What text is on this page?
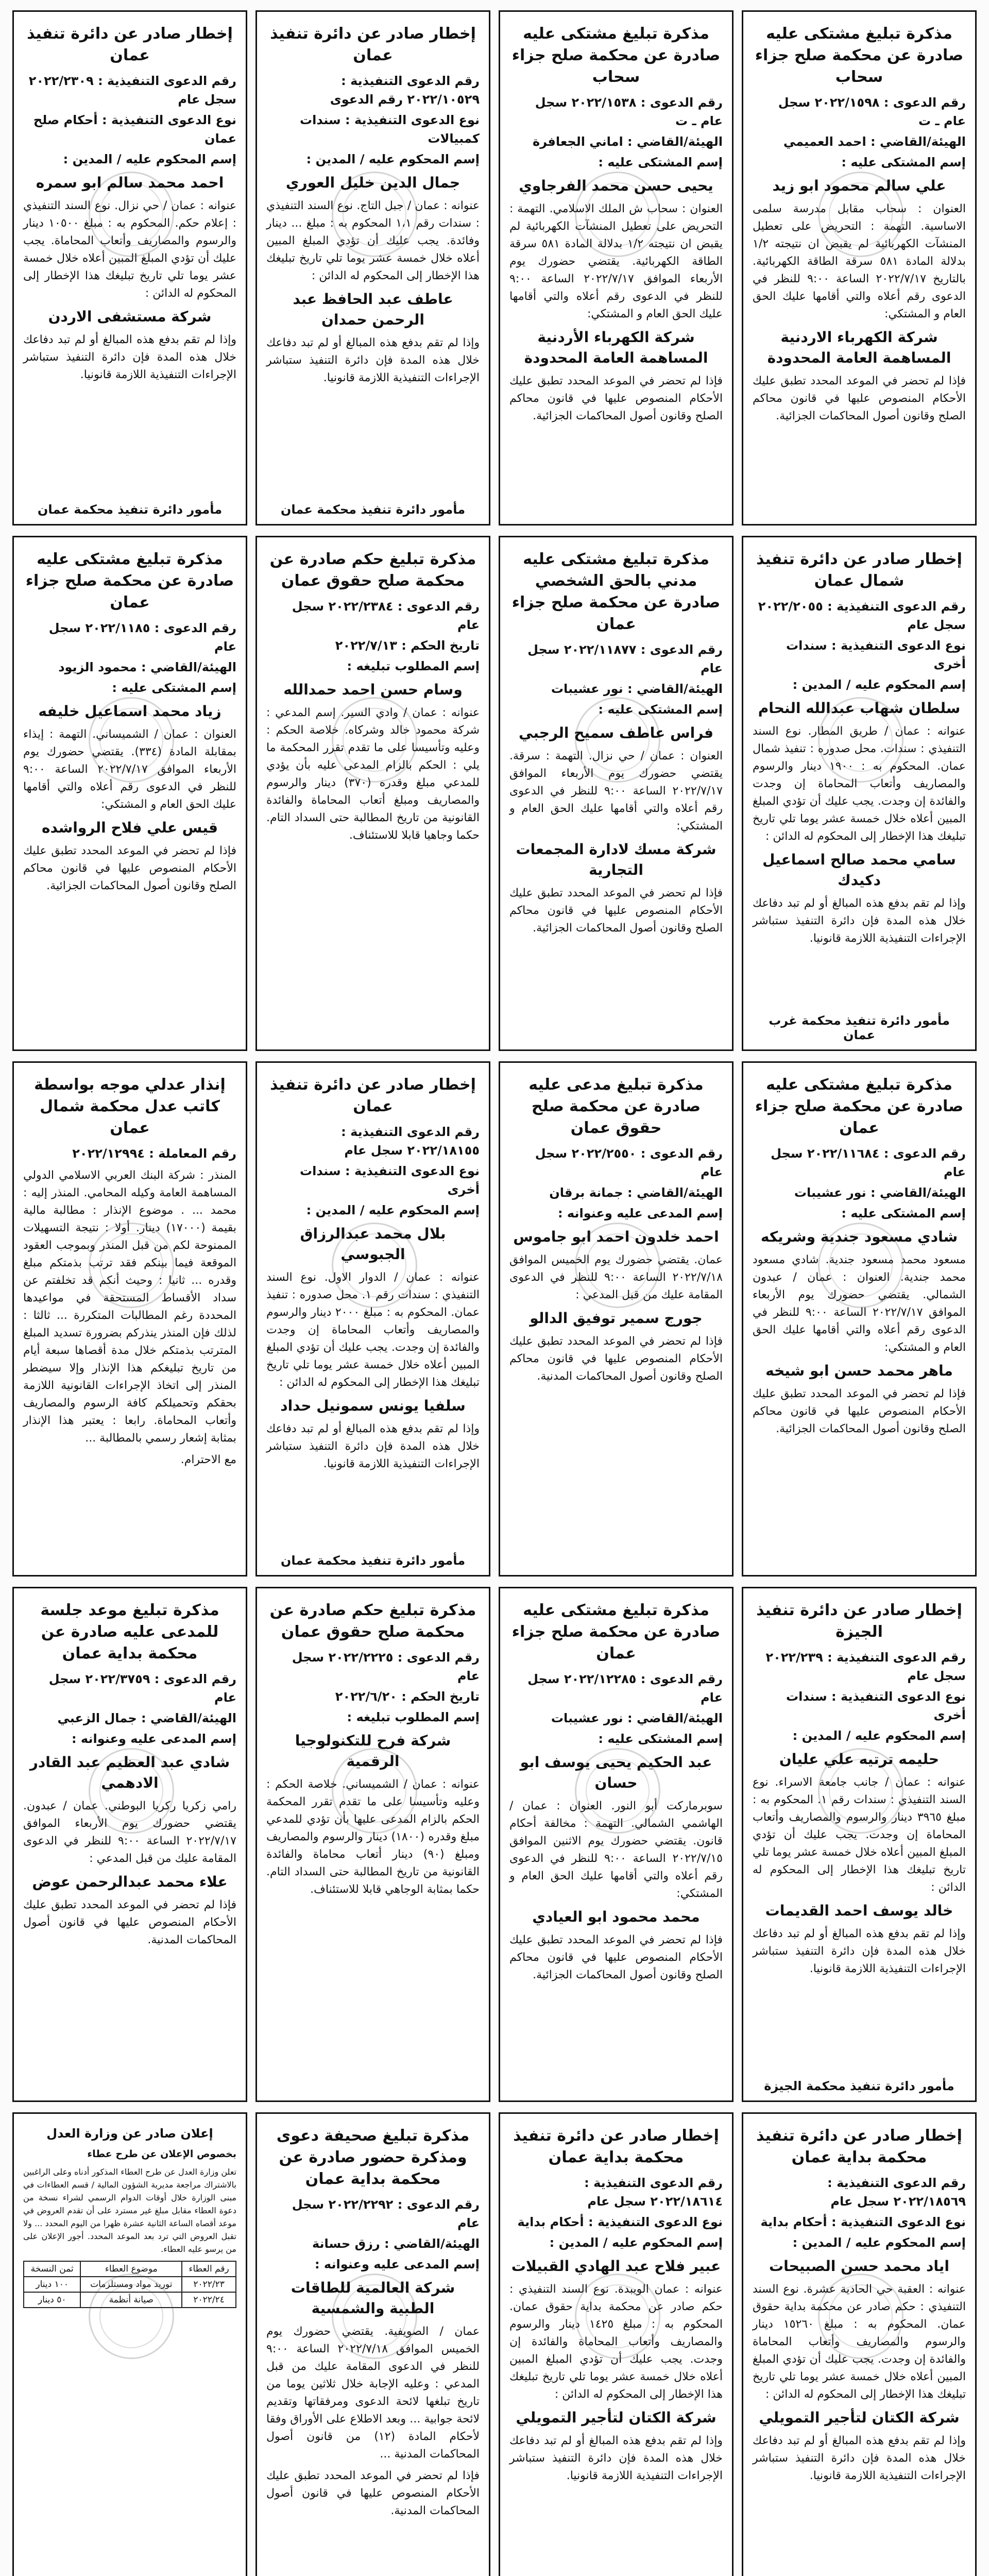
مذكرة تبليغ مشتكى عليه صادرة عن محكمة صلح جزاء سحاب
رقم الدعوى : ٢٠٢٢/١٥٩٨ سجل عام ـ ت
الهيئة/القاضي : احمد العميمي
إسم المشتكى عليه :
علي سالم محمود ابو زيد
العنوان : سحاب مقابل مدرسة سلمى الاساسية. التهمة : التحريض على تعطيل المنشآت الكهربائية لم يقبض ان نتيجته ١/٢ بدلالة المادة ٥٨١ سرقة الطاقة الكهربائية. بالتاريخ ٢٠٢٢/٧/١٧ الساعة ٩:٠٠ للنظر في الدعوى رقم أعلاه والتي أقامها عليك الحق العام و المشتكي:
شركة الكهرباء الاردنية المساهمة العامة المحدودة
فإذا لم تحضر في الموعد المحدد تطبق عليك الأحكام المنصوص عليها في قانون محاكم الصلح وقانون أصول المحاكمات الجزائية.
مذكرة تبليغ مشتكى عليه صادرة عن محكمة صلح جزاء سحاب
رقم الدعوى : ٢٠٢٢/١٥٣٨ سجل عام ـ ت
الهيئة/القاضي : اماني الجعافرة
إسم المشتكى عليه :
يحيى حسن محمد الفرجاوي
العنوان : سحاب ش الملك الاسلامي. التهمة : التحريض على تعطيل المنشآت الكهربائية لم يقبض ان نتيجته ١/٢ بدلالة المادة ٥٨١ سرقة الطاقة الكهربائية. يقتضي حضورك يوم الأربعاء الموافق ٢٠٢٢/٧/١٧ الساعة ٩:٠٠ للنظر في الدعوى رقم أعلاه والتي أقامها عليك الحق العام و المشتكي:
شركة الكهرباء الأردنية المساهمة العامة المحدودة
فإذا لم تحضر في الموعد المحدد تطبق عليك الأحكام المنصوص عليها في قانون محاكم الصلح وقانون أصول المحاكمات الجزائية.
إخطار صادر عن دائرة تنفيذ عمان
رقم الدعوى التنفيذية : ٢٠٢٢/١٠٥٢٩ رقم الدعوى
نوع الدعوى التنفيذية : سندات كمبيالات
إسم المحكوم عليه / المدين :
جمال الدين خليل العوري
عنوانه : عمان / جبل التاج. نوع السند التنفيذي : سندات رقم ١،١ المحكوم به : مبلغ ... دينار وفائدة. يجب عليك أن تؤدي المبلغ المبين أعلاه خلال خمسة عشر يوما تلي تاريخ تبليغك هذا الإخطار إلى المحكوم له الدائن :
عاطف عبد الحافظ عبد الرحمن حمدان
وإذا لم تقم بدفع هذه المبالغ أو لم تبد دفاعك خلال هذه المدة فإن دائرة التنفيذ ستباشر الإجراءات التنفيذية اللازمة قانونيا.
مأمور دائرة تنفيذ محكمة عمان
إخطار صادر عن دائرة تنفيذ عمان
رقم الدعوى التنفيذية : ٢٠٢٢/٢٣٠٩ سجل عام
نوع الدعوى التنفيذية : أحكام صلح عمان
إسم المحكوم عليه / المدين :
احمد محمد سالم ابو سمره
عنوانه : عمان / حي نزال. نوع السند التنفيذي : إعلام حكم. المحكوم به : مبلغ ١٠٥٠٠ دينار والرسوم والمصاريف وأتعاب المحاماة. يجب عليك أن تؤدي المبلغ المبين أعلاه خلال خمسة عشر يوما تلي تاريخ تبليغك هذا الإخطار إلى المحكوم له الدائن :
شركة مستشفى الاردن
وإذا لم تقم بدفع هذه المبالغ أو لم تبد دفاعك خلال هذه المدة فإن دائرة التنفيذ ستباشر الإجراءات التنفيذية اللازمة قانونيا.
مأمور دائرة تنفيذ محكمة عمان
إخطار صادر عن دائرة تنفيذ شمال عمان
رقم الدعوى التنفيذية : ٢٠٢٢/٢٠٥٥ سجل عام
نوع الدعوى التنفيذية : سندات أخرى
إسم المحكوم عليه / المدين :
سلطان شهاب عبدالله النحام
عنوانه : عمان / طريق المطار. نوع السند التنفيذي : سندات. محل صدوره : تنفيذ شمال عمان. المحكوم به : ١٩٠٠ دينار والرسوم والمصاريف وأتعاب المحاماة إن وجدت والفائدة إن وجدت. يجب عليك أن تؤدي المبلغ المبين أعلاه خلال خمسة عشر يوما تلي تاريخ تبليغك هذا الإخطار إلى المحكوم له الدائن :
سامي محمد صالح اسماعيل دكيدك
وإذا لم تقم بدفع هذه المبالغ أو لم تبد دفاعك خلال هذه المدة فإن دائرة التنفيذ ستباشر الإجراءات التنفيذية اللازمة قانونيا.
مأمور دائرة تنفيذ محكمة غرب عمان
مذكرة تبليغ مشتكى عليه مدني بالحق الشخصي صادرة عن محكمة صلح جزاء عمان
رقم الدعوى : ٢٠٢٢/١١٨٧٧ سجل عام
الهيئة/القاضي : نور عشيبات
إسم المشتكى عليه :
فراس عاطف سميح الرجبي
العنوان : عمان / حي نزال. التهمة : سرقة. يقتضي حضورك يوم الأربعاء الموافق ٢٠٢٢/٧/١٧ الساعة ٩:٠٠ للنظر في الدعوى رقم أعلاه والتي أقامها عليك الحق العام و المشتكي:
شركة مسك لادارة المجمعات التجارية
فإذا لم تحضر في الموعد المحدد تطبق عليك الأحكام المنصوص عليها في قانون محاكم الصلح وقانون أصول المحاكمات الجزائية.
مذكرة تبليغ حكم صادرة عن محكمة صلح حقوق عمان
رقم الدعوى : ٢٠٢٢/٢٣٨٤ سجل عام
تاريخ الحكم : ٢٠٢٢/٧/١٣
إسم المطلوب تبليغه :
وسام حسن احمد حمدالله
عنوانه : عمان / وادي السير. إسم المدعي : شركة محمود خالد وشركاه. خلاصة الحكم : وعليه وتأسيسا على ما تقدم تقرر المحكمة ما يلي : الحكم بالزام المدعى عليه بأن يؤدي للمدعي مبلغ وقدره (٣٧٠) دينار والرسوم والمصاريف ومبلغ أتعاب المحاماة والفائدة القانونية من تاريخ المطالبة حتى السداد التام. حكما وجاهيا قابلا للاستئناف.
مذكرة تبليغ مشتكى عليه صادرة عن محكمة صلح جزاء عمان
رقم الدعوى : ٢٠٢٢/١١٨٥ سجل عام
الهيئة/القاضي : محمود الزيود
إسم المشتكى عليه :
زياد محمد اسماعيل خليفه
العنوان : عمان / الشميساني. التهمة : إيذاء بمقابلة المادة (٣٣٤). يقتضي حضورك يوم الأربعاء الموافق ٢٠٢٢/٧/١٧ الساعة ٩:٠٠ للنظر في الدعوى رقم أعلاه والتي أقامها عليك الحق العام و المشتكي:
قيس علي فلاح الرواشده
فإذا لم تحضر في الموعد المحدد تطبق عليك الأحكام المنصوص عليها في قانون محاكم الصلح وقانون أصول المحاكمات الجزائية.
مذكرة تبليغ مشتكى عليه صادرة عن محكمة صلح جزاء عمان
رقم الدعوى : ٢٠٢٢/١١٦٨٤ سجل عام
الهيئة/القاضي : نور عشيبات
إسم المشتكى عليه :
شادي مسعود جندية وشريكه
مسعود محمد مسعود جندية. شادي مسعود محمد جندية. العنوان : عمان / عبدون الشمالي. يقتضي حضورك يوم الأربعاء الموافق ٢٠٢٢/٧/١٧ الساعة ٩:٠٠ للنظر في الدعوى رقم أعلاه والتي أقامها عليك الحق العام و المشتكي:
ماهر محمد حسن ابو شيخه
فإذا لم تحضر في الموعد المحدد تطبق عليك الأحكام المنصوص عليها في قانون محاكم الصلح وقانون أصول المحاكمات الجزائية.
مذكرة تبليغ مدعى عليه صادرة عن محكمة صلح حقوق عمان
رقم الدعوى : ٢٠٢٢/٢٥٥٠ سجل عام
الهيئة/القاضي : جمانة برقان
إسم المدعى عليه وعنوانه :
احمد خلدون احمد ابو جاموس
عمان. يقتضي حضورك يوم الخميس الموافق ٢٠٢٢/٧/١٨ الساعة ٩:٠٠ للنظر في الدعوى المقامة عليك من قبل المدعي :
جورج سمير توفيق الدالو
فإذا لم تحضر في الموعد المحدد تطبق عليك الأحكام المنصوص عليها في قانون محاكم الصلح وقانون أصول المحاكمات المدنية.
إخطار صادر عن دائرة تنفيذ عمان
رقم الدعوى التنفيذية : ٢٠٢٢/١٨١٥٥ سجل عام
نوع الدعوى التنفيذية : سندات أخرى
إسم المحكوم عليه / المدين :
بلال محمد عبدالرزاق الجبوسي
عنوانه : عمان / الدوار الاول. نوع السند التنفيذي : سندات رقم ١. محل صدوره : تنفيذ عمان. المحكوم به : مبلغ ٢٠٠٠ دينار والرسوم والمصاريف وأتعاب المحاماة إن وجدت والفائدة إن وجدت. يجب عليك أن تؤدي المبلغ المبين أعلاه خلال خمسة عشر يوما تلي تاريخ تبليغك هذا الإخطار إلى المحكوم له الدائن :
سلفيا يونس سمونيل حداد
وإذا لم تقم بدفع هذه المبالغ أو لم تبد دفاعك خلال هذه المدة فإن دائرة التنفيذ ستباشر الإجراءات التنفيذية اللازمة قانونيا.
مأمور دائرة تنفيذ محكمة عمان
إنذار عدلي موجه بواسطة كاتب عدل محكمة شمال عمان
رقم المعاملة : ٢٠٢٢/١٢٩٩٤
المنذر : شركة البنك العربي الاسلامي الدولي المساهمة العامة وكيله المحامي. المنذر إليه : محمد ... . موضوع الإنذار : مطالبة مالية بقيمة (١٧٠٠٠) دينار. أولا : نتيجة التسهيلات الممنوحة لكم من قبل المنذر وبموجب العقود الموقعة فيما بينكم فقد ترتب بذمتكم مبلغ وقدره ... ثانيا : وحيث أنكم قد تخلفتم عن سداد الأقساط المستحقة في مواعيدها المحددة رغم المطالبات المتكررة ... ثالثا : لذلك فإن المنذر ينذركم بضرورة تسديد المبلغ المترتب بذمتكم خلال مدة أقصاها سبعة أيام من تاريخ تبليغكم هذا الإنذار وإلا سيضطر المنذر إلى اتخاذ الإجراءات القانونية اللازمة بحقكم وتحميلكم كافة الرسوم والمصاريف وأتعاب المحاماة. رابعا : يعتبر هذا الإنذار بمثابة إشعار رسمي بالمطالبة ...
مع الاحترام.
إخطار صادر عن دائرة تنفيذ الجيزة
رقم الدعوى التنفيذية : ٢٠٢٢/٢٣٩ سجل عام
نوع الدعوى التنفيذية : سندات أخرى
إسم المحكوم عليه / المدين :
حليمه ترتيه علي عليان
عنوانه : عمان / جانب جامعة الاسراء. نوع السند التنفيذي : سندات رقم ١. المحكوم به : مبلغ ٣٩٦٥ دينار والرسوم والمصاريف وأتعاب المحاماة إن وجدت. يجب عليك أن تؤدي المبلغ المبين أعلاه خلال خمسة عشر يوما تلي تاريخ تبليغك هذا الإخطار إلى المحكوم له الدائن :
خالد يوسف احمد القديمات
وإذا لم تقم بدفع هذه المبالغ أو لم تبد دفاعك خلال هذه المدة فإن دائرة التنفيذ ستباشر الإجراءات التنفيذية اللازمة قانونيا.
مأمور دائرة تنفيذ محكمة الجيزة
مذكرة تبليغ مشتكى عليه صادرة عن محكمة صلح جزاء عمان
رقم الدعوى : ٢٠٢٢/١٢٢٨٥ سجل عام
الهيئة/القاضي : نور عشيبات
إسم المشتكى عليه :
عبد الحكيم يحيى يوسف ابو حسان
سوبرماركت أبو النور. العنوان : عمان / الهاشمي الشمالي. التهمة : مخالفة أحكام قانون. يقتضي حضورك يوم الاثنين الموافق ٢٠٢٢/٧/١٥ الساعة ٩:٠٠ للنظر في الدعوى رقم أعلاه والتي أقامها عليك الحق العام و المشتكي:
محمد محمود ابو العيادي
فإذا لم تحضر في الموعد المحدد تطبق عليك الأحكام المنصوص عليها في قانون محاكم الصلح وقانون أصول المحاكمات الجزائية.
مذكرة تبليغ حكم صادرة عن محكمة صلح حقوق عمان
رقم الدعوى : ٢٠٢٢/٢٢٢٥ سجل عام
تاريخ الحكم : ٢٠٢٢/٦/٢٠
إسم المطلوب تبليغه :
شركة فرح للتكنولوجيا الرقمية
عنوانه : عمان / الشميساني. خلاصة الحكم : وعليه وتأسيسا على ما تقدم تقرر المحكمة الحكم بالزام المدعى عليها بأن تؤدي للمدعي مبلغ وقدره (١٨٠٠) دينار والرسوم والمصاريف ومبلغ (٩٠) دينار أتعاب محاماة والفائدة القانونية من تاريخ المطالبة حتى السداد التام. حكما بمثابة الوجاهي قابلا للاستئناف.
مذكرة تبليغ موعد جلسة للمدعى عليه صادرة عن محكمة بداية عمان
رقم الدعوى : ٢٠٢٢/٣٧٥٩ سجل عام
الهيئة/القاضي : جمال الزعبي
إسم المدعى عليه وعنوانه :
شادي عبد العظيم عبد القادر الادهمي
رامي زكريا ركريا البوطني. عمان / عبدون. يقتضي حضورك يوم الأربعاء الموافق ٢٠٢٢/٧/١٧ الساعة ٩:٠٠ للنظر في الدعوى المقامة عليك من قبل المدعي :
علاء محمد عبدالرحمن عوض
فإذا لم تحضر في الموعد المحدد تطبق عليك الأحكام المنصوص عليها في قانون أصول المحاكمات المدنية.
إخطار صادر عن دائرة تنفيذ محكمة بداية عمان
رقم الدعوى التنفيذية : ٢٠٢٢/١٨٥٦٩ سجل عام
نوع الدعوى التنفيذية : أحكام بداية
إسم المحكوم عليه / المدين :
اياد محمد حسن الصبيحات
عنوانه : العقبة حي الحادية عشرة. نوع السند التنفيذي : حكم صادر عن محكمة بداية حقوق عمان. المحكوم به : مبلغ ١٥٢٦٠ دينار والرسوم والمصاريف وأتعاب المحاماة والفائدة إن وجدت. يجب عليك أن تؤدي المبلغ المبين أعلاه خلال خمسة عشر يوما تلي تاريخ تبليغك هذا الإخطار إلى المحكوم له الدائن :
شركة الكتان لتأجير التمويلي
وإذا لم تقم بدفع هذه المبالغ أو لم تبد دفاعك خلال هذه المدة فإن دائرة التنفيذ ستباشر الإجراءات التنفيذية اللازمة قانونيا.
إخطار صادر عن دائرة تنفيذ محكمة بداية عمان
رقم الدعوى التنفيذية : ٢٠٢٢/١٨٦١٤ سجل عام
نوع الدعوى التنفيذية : أحكام بداية
إسم المحكوم عليه / المدين :
عبير فلاح عبد الهادي القبيلات
عنوانه : عمان الويبدة. نوع السند التنفيذي : حكم صادر عن محكمة بداية حقوق عمان. المحكوم به : مبلغ ١٤٢٥ دينار والرسوم والمصاريف وأتعاب المحاماة والفائدة إن وجدت. يجب عليك أن تؤدي المبلغ المبين أعلاه خلال خمسة عشر يوما تلي تاريخ تبليغك هذا الإخطار إلى المحكوم له الدائن :
شركة الكتان لتأجير التمويلي
وإذا لم تقم بدفع هذه المبالغ أو لم تبد دفاعك خلال هذه المدة فإن دائرة التنفيذ ستباشر الإجراءات التنفيذية اللازمة قانونيا.
مذكرة تبليغ صحيفة دعوى ومذكرة حضور صادرة عن محكمة بداية عمان
رقم الدعوى : ٢٠٢٢/٢٢٩٢ سجل عام
الهيئة/القاضي : رزق حسانة
إسم المدعى عليه وعنوانه :
شركة العالمية للطاقات الطبية والشمسية
عمان / الصويفية. يقتضي حضورك يوم الخميس الموافق ٢٠٢٢/٧/١٨ الساعة ٩:٠٠ للنظر في الدعوى المقامة عليك من قبل المدعي : وعليه الإجابة خلال ثلاثين يوما من تاريخ تبلغها لائحة الدعوى ومرفقاتها وتقديم لائحة جوابية ... وبعد الاطلاع على الأوراق وفقا لأحكام المادة (١٢) من قانون أصول المحاكمات المدنية ...
فإذا لم تحضر في الموعد المحدد تطبق عليك الأحكام المنصوص عليها في قانون أصول المحاكمات المدنية.
إعلان صادر عن وزارة العدل
بخصوص الإعلان عن طرح عطاء
تعلن وزارة العدل عن طرح العطاء المذكور أدناه وعلى الراغبين بالاشتراك مراجعة مديرية الشؤون المالية / قسم العطاءات في مبنى الوزارة خلال أوقات الدوام الرسمي لشراء نسخة من دعوة العطاء مقابل مبلغ غير مسترد على أن تقدم العروض في موعد أقصاه الساعة الثانية عشرة ظهرا من اليوم المحدد ... ولا تقبل العروض التي ترد بعد الموعد المحدد. أجور الإعلان على من يرسو عليه العطاء.
رقم العطاء	موضوع العطاء	ثمن النسخة
٢٠٢٢/٢٣	توريد مواد ومستلزمات	١٠٠ دينار
٢٠٢٢/٢٤	صيانة أنظمة	٥٠ دينار
